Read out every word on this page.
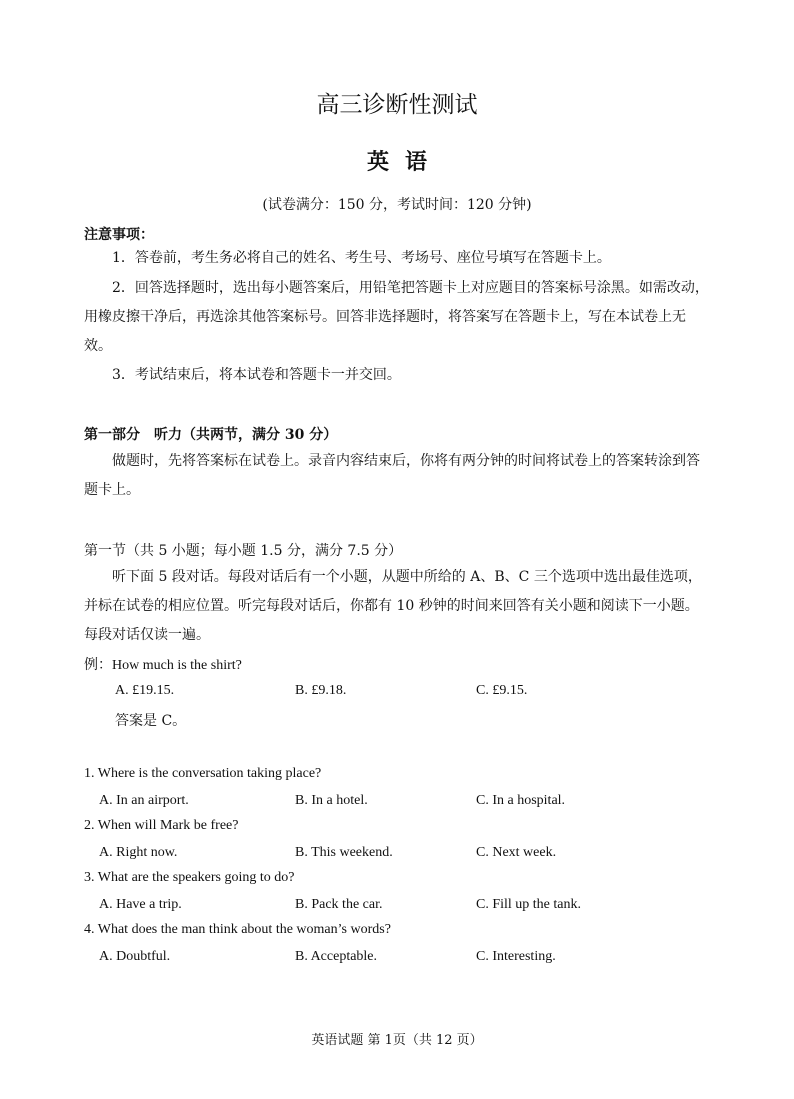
高三诊断性测试
英语
(试卷满分：150 分，考试时间：120 分钟)
注意事项：
1．答卷前，考生务必将自己的姓名、考生号、考场号、座位号填写在答题卡上。
2．回答选择题时，选出每小题答案后，用铅笔把答题卡上对应题目的答案标号涂黑。如需改动，用橡皮擦干净后，再选涂其他答案标号。回答非选择题时，将答案写在答题卡上，写在本试卷上无效。
3．考试结束后，将本试卷和答题卡一并交回。
第一部分　听力（共两节，满分 30 分）
做题时，先将答案标在试卷上。录音内容结束后，你将有两分钟的时间将试卷上的答案转涂到答题卡上。
第一节（共 5 小题；每小题 1.5 分，满分 7.5 分）
听下面 5 段对话。每段对话后有一个小题，从题中所给的 A、B、C 三个选项中选出最佳选项，并标在试卷的相应位置。听完每段对话后，你都有 10 秒钟的时间来回答有关小题和阅读下一小题。每段对话仅读一遍。
例：How much is the shirt?
A. £19.15.	B. £9.18.	C. £9.15.
答案是 C。
1. Where is the conversation taking place?
A. In an airport.	B. In a hotel.	C. In a hospital.
2. When will Mark be free?
A. Right now.	B. This weekend.	C. Next week.
3. What are the speakers going to do?
A. Have a trip.	B. Pack the car.	C. Fill up the tank.
4. What does the man think about the woman’s words?
A. Doubtful.	B. Acceptable.	C. Interesting.
英语试题 第 1页（共 12 页）
